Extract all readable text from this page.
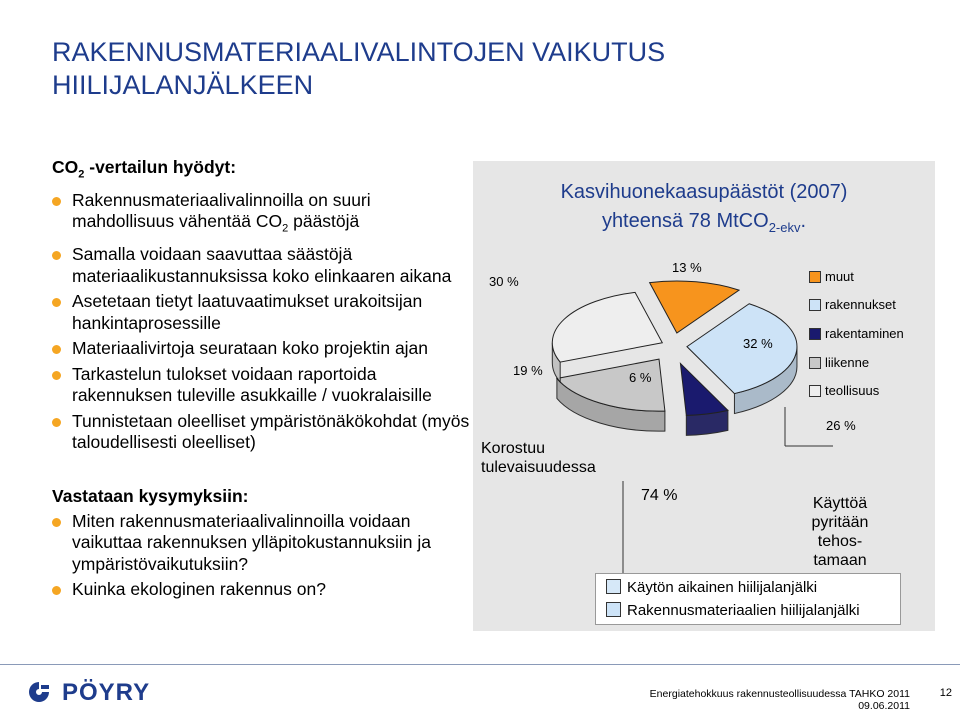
RAKENNUSMATERIAALIVALINTOJEN VAIKUTUS
HIILIJALANJÄLKEEN
$CO_2$ -vertailun hyödyt:
Rakennusmateriaalivalinnoilla on suuri mahdollisuus vähentää $CO_2$ päästöjä
Samalla voidaan saavuttaa säästöjä materiaalikustannuksissa koko elinkaaren aikana
Asetetaan tietyt laatuvaatimukset urakoitsijan hankintaprosessille
Materiaalivirtoja seurataan koko projektin ajan
Tarkastelun tulokset voidaan raportoida rakennuksen tuleville asukkaille / vuokralaisille
Tunnistetaan oleelliset ympäristönäkökohdat (myös taloudellisesti oleelliset)
Vastataan kysymyksiin:
Miten rakennusmateriaalivalinnoilla voidaan vaikuttaa rakennuksen ylläpitokustannuksiin ja ympäristövaikutuksiin?
Kuinka ekologinen rakennus on?
Kasvihuonekaasupäästöt (2007)
yhteensä 78 MtCO$_{2-ekv}$.
30 %
13 %
32 %
6 %
19 %
26 %
muut
rakennukset
rakentaminen
liikenne
teollisuus
Korostuu tulevaisuudessa
74 %	Käyttöä pyritään tehos- tamaan
Käytön aikainen hiilijalanjälki
Rakennusmateriaalien hiilijalanjälki
PÖYRY	Energiatehokkuus rakennusteollisuudessa TAHKO 2011
09.06.2011
12
